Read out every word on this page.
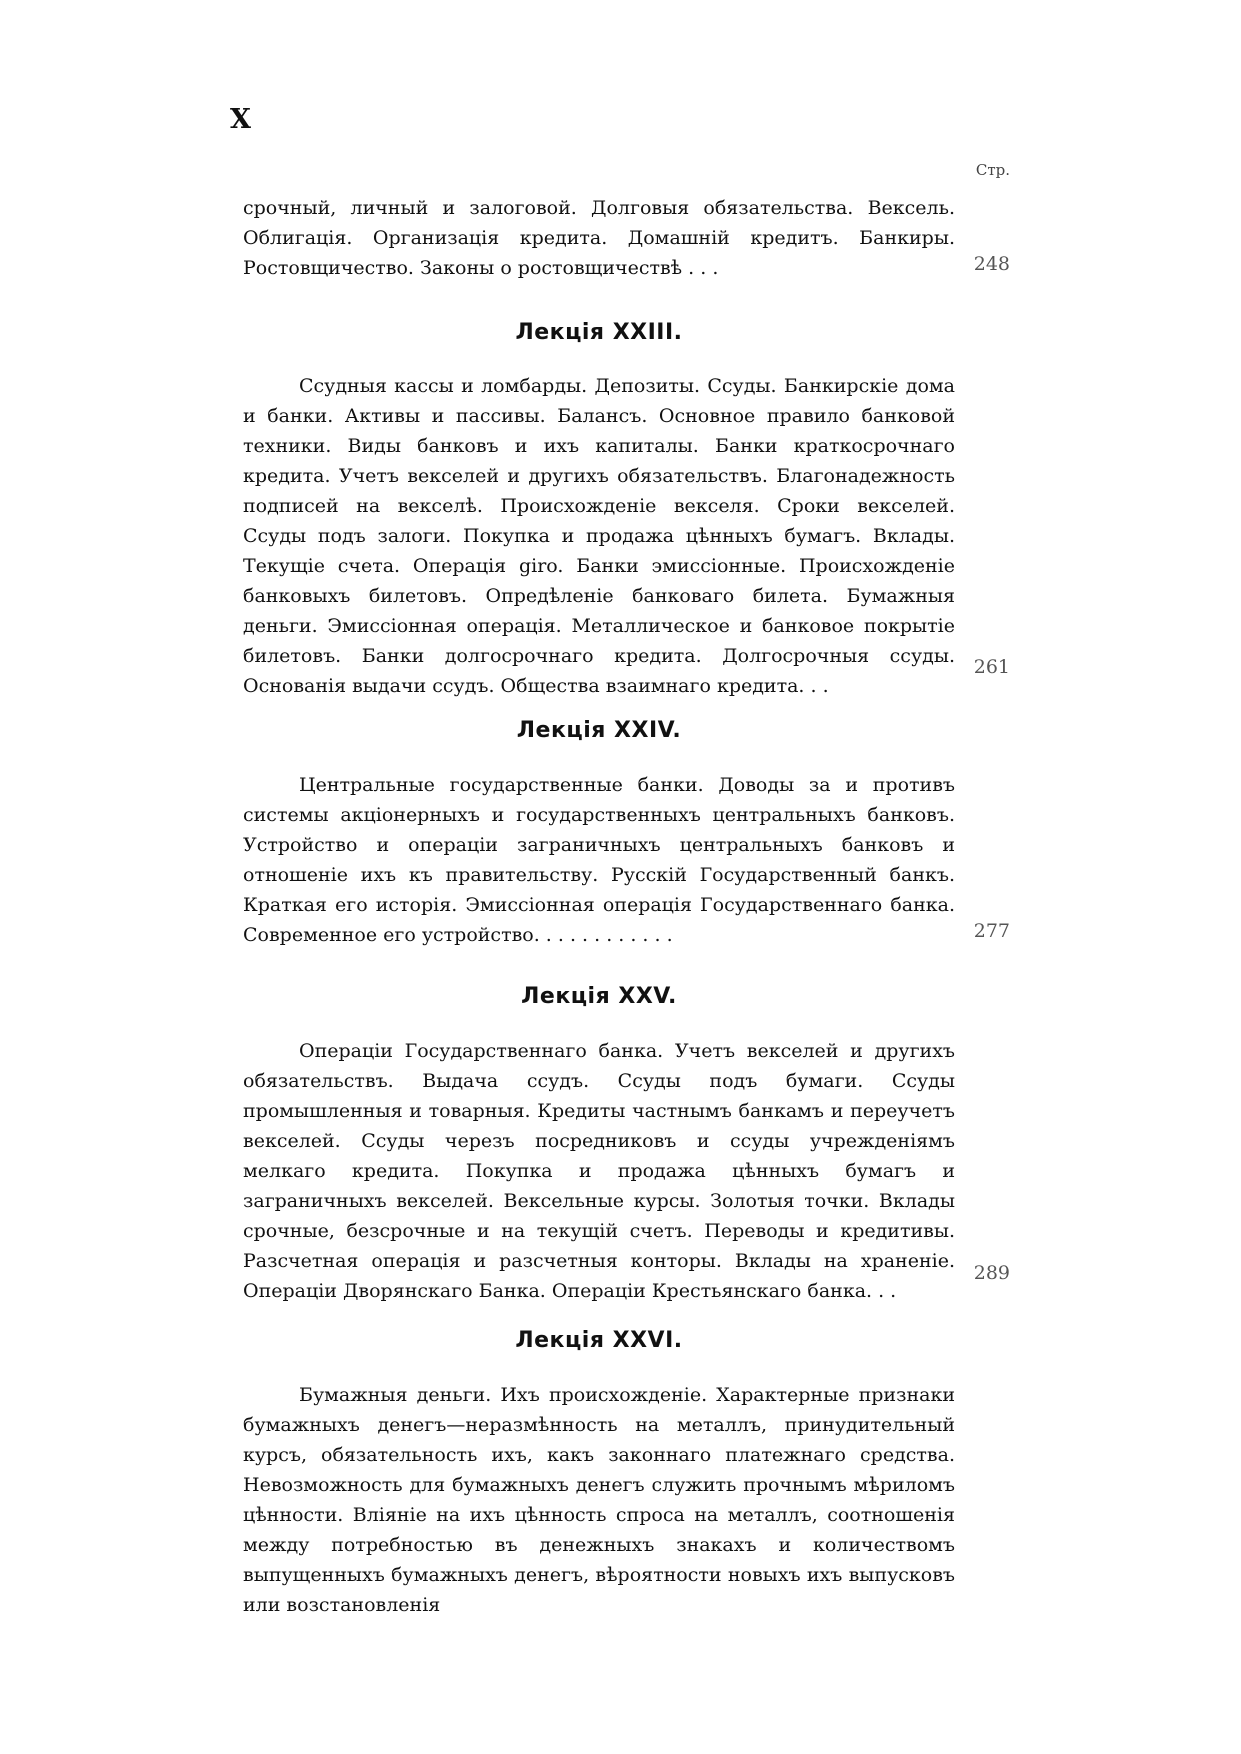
X
Стр.

срочный, личный и залоговой. Долговыя обязательства. Вексель. Облигація. Организація кредита. Домашній кредитъ. Банкиры. Ростовщичество. Законы о ростовщичествѣ . . .	248
Лекція XXIII.

Ссудныя кассы и ломбарды. Депозиты. Ссуды. Банкирскіе дома и банки. Активы и пассивы. Балансъ. Основное правило банковой техники. Виды банковъ и ихъ капиталы. Банки краткосрочнаго кредита. Учетъ векселей и другихъ обязательствъ. Благонадежность подписей на векселѣ. Происхожденіе векселя. Сроки векселей. Ссуды подъ залоги. Покупка и продажа цѣнныхъ бумагъ. Вклады. Текущіе счета. Операція giro. Банки эмиссіонные. Происхожденіе банковыхъ билетовъ. Опредѣленіе банковаго билета. Бумажныя деньги. Эмиссіонная операція. Металлическое и банковое покрытіе билетовъ. Банки долгосрочнаго кредита. Долгосрочныя ссуды. Основанія выдачи ссудъ. Общества взаимнаго кредита. . .

261
Лекція XXIV.

Центральные государственные банки. Доводы за и противъ системы акціонерныхъ и государственныхъ центральныхъ банковъ. Устройство и операціи заграничныхъ центральныхъ банковъ и отношеніе ихъ къ правительству. Русскій Государственный банкъ. Краткая его исторія. Эмиссіонная операція Государственнаго банка. Современное его устройство. . . . . . . . . . . .	277
Лекція XXV.

Операціи Государственнаго банка. Учетъ векселей и другихъ обязательствъ. Выдача ссудъ. Ссуды подъ бумаги. Ссуды промышленныя и товарныя. Кредиты частнымъ банкамъ и переучетъ векселей. Ссуды черезъ посредниковъ и ссуды учрежденіямъ мелкаго кредита. Покупка и продажа цѣнныхъ бумагъ и заграничныхъ векселей. Вексельные курсы. Золотыя точки. Вклады срочные, безсрочные и на текущій счетъ. Переводы и кредитивы. Разсчетная операція и разсчетныя конторы. Вклады на храненіе. Операціи Дворянскаго Банка. Операціи Крестьянскаго банка. . .

289
Лекція XXVI.

Бумажныя деньги. Ихъ происхожденіе. Характерные признаки бумажныхъ денегъ—неразмѣнность на металлъ, принудительный курсъ, обязательность ихъ, какъ законнаго платежнаго средства. Невозможность для бумажныхъ денегъ служить прочнымъ мѣриломъ цѣнности. Вліяніе на ихъ цѣнность спроса на металлъ, соотношенія между потребностью въ денежныхъ знакахъ и количествомъ выпущенныхъ бумажныхъ денегъ, вѣроятности новыхъ ихъ выпусковъ или возстановленія
